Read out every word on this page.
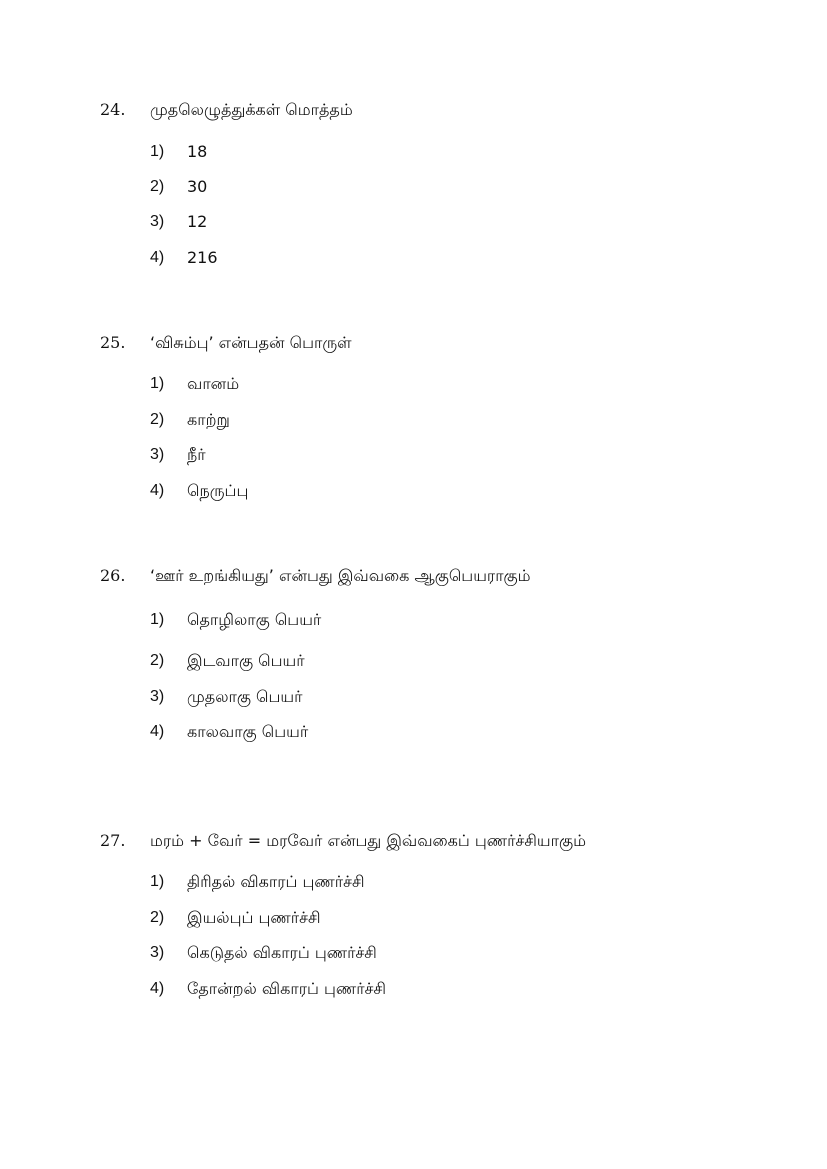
24. முதலெழுத்துக்கள் மொத்தம்
1) 18
2) 30
3) 12
4) 216
25. ‘விசும்பு’ என்பதன் பொருள்
1) வானம்
2) காற்று
3) நீர்
4) நெருப்பு
26. ‘ஊர் உறங்கியது’ என்பது இவ்வகை ஆகுபெயராகும்
1) தொழிலாகு பெயர்
2) இடவாகு பெயர்
3) முதலாகு பெயர்
4) காலவாகு பெயர்
27. மரம் + வேர் = மரவேர் என்பது இவ்வகைப் புணர்ச்சியாகும்
1) திரிதல் விகாரப் புணர்ச்சி
2) இயல்புப் புணர்ச்சி
3) கெடுதல் விகாரப் புணர்ச்சி
4) தோன்றல் விகாரப் புணர்ச்சி
